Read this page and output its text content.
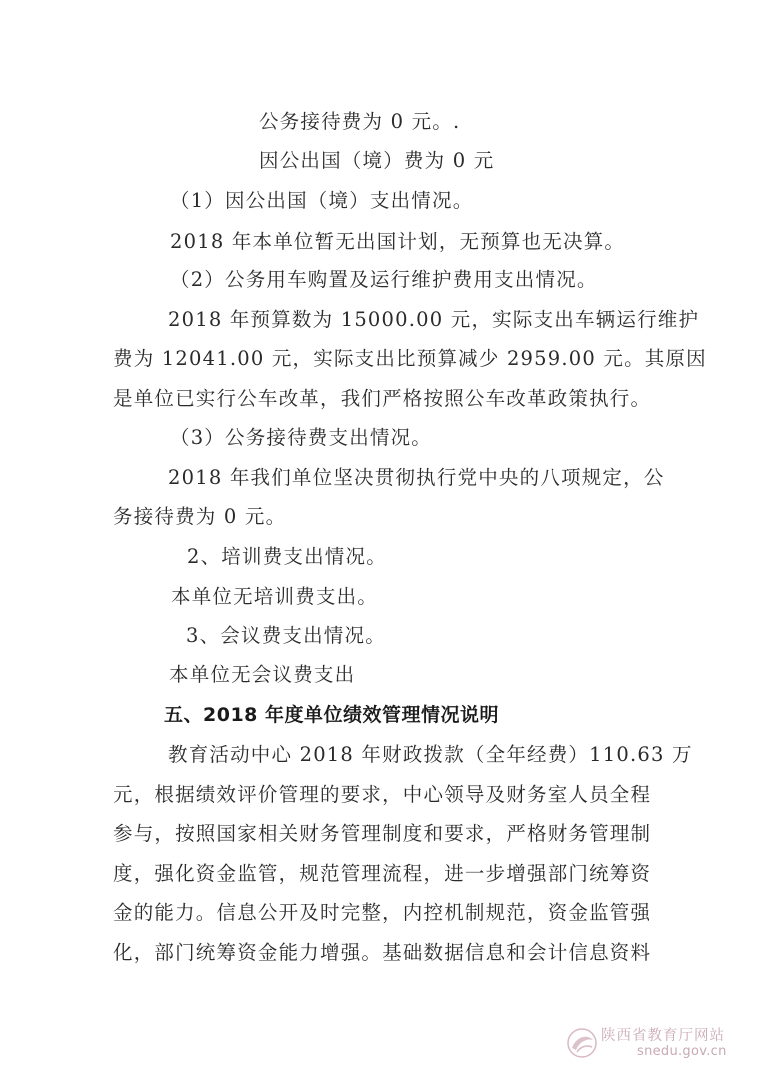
公务接待费为 0 元。.
因公出国（境）费为 0 元
（1）因公出国（境）支出情况。
2018 年本单位暂无出国计划，无预算也无决算。
（2）公务用车购置及运行维护费用支出情况。
2018 年预算数为 15000.00 元，实际支出车辆运行维护
费为 12041.00 元，实际支出比预算减少 2959.00 元。其原因
是单位已实行公车改革，我们严格按照公车改革政策执行。
（3）公务接待费支出情况。
2018 年我们单位坚决贯彻执行党中央的八项规定，公
务接待费为 0 元。
2、培训费支出情况。
本单位无培训费支出。
3、会议费支出情况。
本单位无会议费支出
五、2018 年度单位绩效管理情况说明
教育活动中心 2018 年财政拨款（全年经费）110.63 万
元，根据绩效评价管理的要求，中心领导及财务室人员全程
参与，按照国家相关财务管理制度和要求，严格财务管理制
度，强化资金监管，规范管理流程，进一步增强部门统筹资
金的能力。信息公开及时完整，内控机制规范，资金监管强
化，部门统筹资金能力增强。基础数据信息和会计信息资料
陕西省教育厅网站
snedu.gov.cn
